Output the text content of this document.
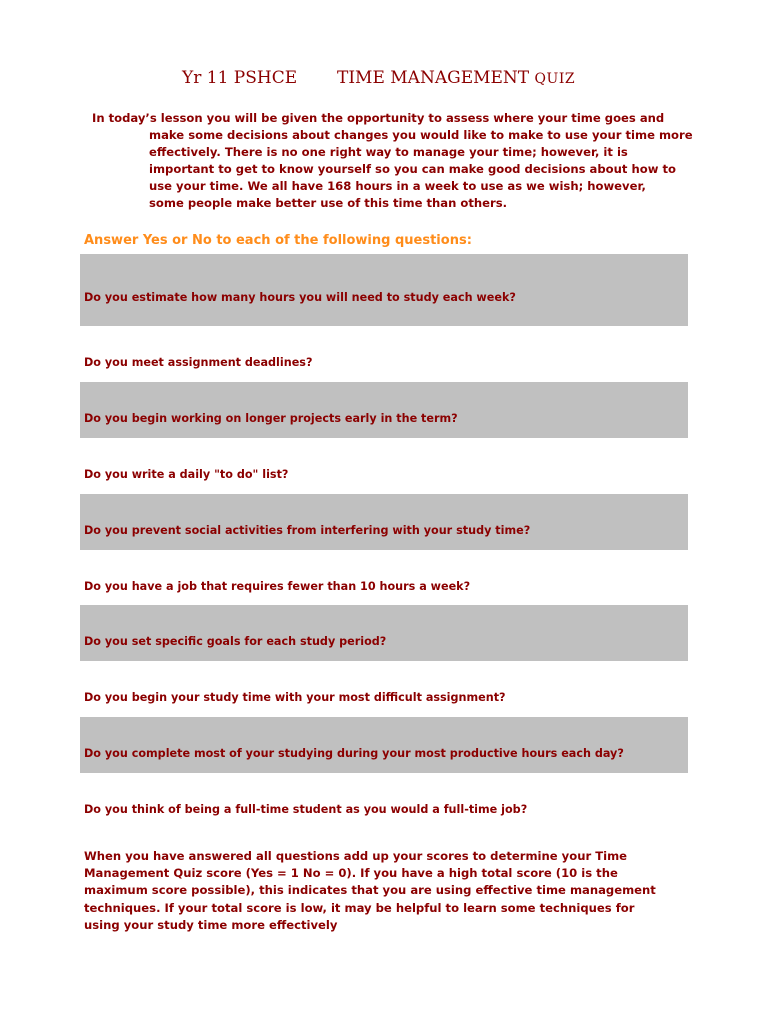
Yr 11 PSHCE TIME MANAGEMENT QUIZ
In today’s lesson you will be given the opportunity to assess where your time goes and
make some decisions about changes you would like to make to use your time more
effectively. There is no one right way to manage your time; however, it is
important to get to know yourself so you can make good decisions about how to
use your time. We all have 168 hours in a week to use as we wish; however,
some people make better use of this time than others.
Answer Yes or No to each of the following questions:
Do you estimate how many hours you will need to study each week?
Do you meet assignment deadlines?
Do you begin working on longer projects early in the term?
Do you write a daily "to do" list?
Do you prevent social activities from interfering with your study time?
Do you have a job that requires fewer than 10 hours a week?
Do you set specific goals for each study period?
Do you begin your study time with your most difficult assignment?
Do you complete most of your studying during your most productive hours each day?
Do you think of being a full-time student as you would a full-time job?
When you have answered all questions add up your scores to determine your Time
Management Quiz score (Yes = 1 No = 0). If you have a high total score (10 is the
maximum score possible), this indicates that you are using effective time management
techniques. If your total score is low, it may be helpful to learn some techniques for
using your study time more effectively
